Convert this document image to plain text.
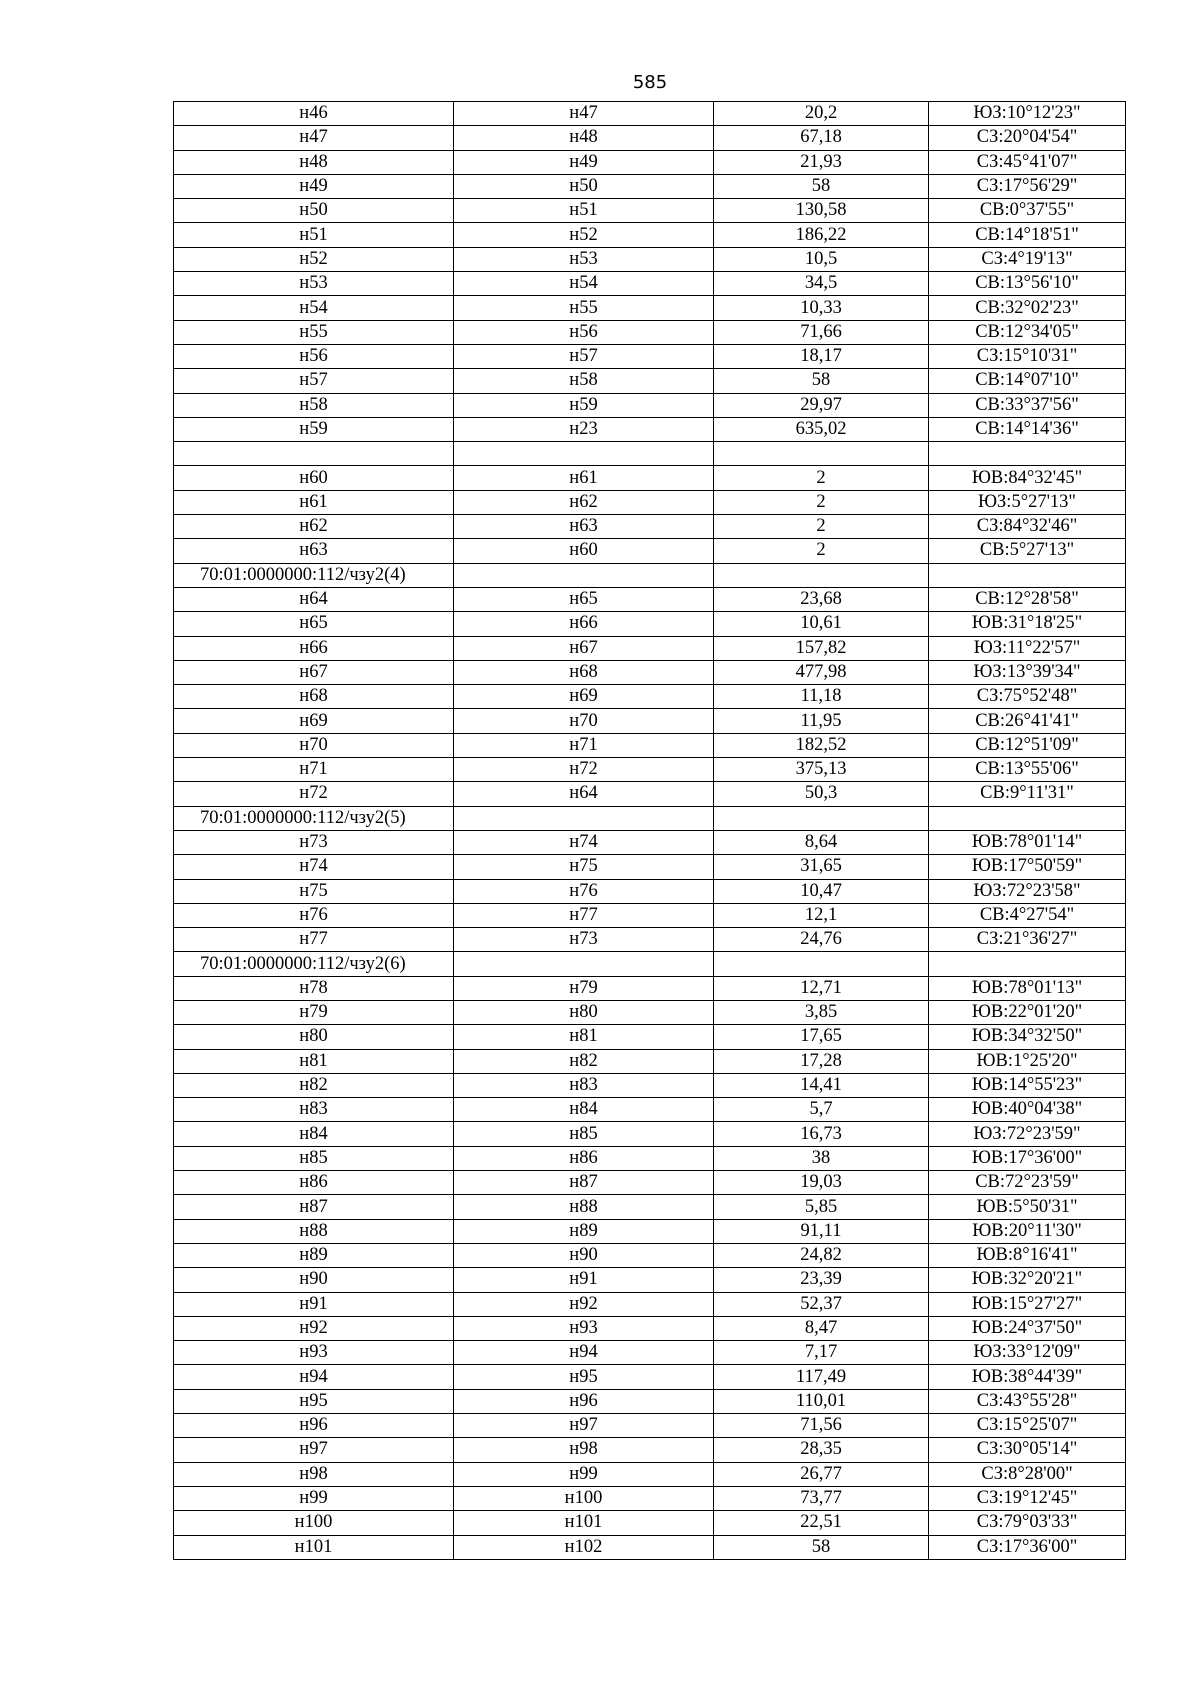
585
н46	н47	20,2	ЮЗ:10°12'23"
н47	н48	67,18	СЗ:20°04'54"
н48	н49	21,93	СЗ:45°41'07"
н49	н50	58	СЗ:17°56'29"
н50	н51	130,58	СВ:0°37'55"
н51	н52	186,22	СВ:14°18'51"
н52	н53	10,5	СЗ:4°19'13"
н53	н54	34,5	СВ:13°56'10"
н54	н55	10,33	СВ:32°02'23"
н55	н56	71,66	СВ:12°34'05"
н56	н57	18,17	СЗ:15°10'31"
н57	н58	58	СВ:14°07'10"
н58	н59	29,97	СВ:33°37'56"
н59	н23	635,02	СВ:14°14'36"

н60	н61	2	ЮВ:84°32'45"
н61	н62	2	ЮЗ:5°27'13"
н62	н63	2	СЗ:84°32'46"
н63	н60	2	СВ:5°27'13"
70:01:0000000:112/чзу2(4)			
н64	н65	23,68	СВ:12°28'58"
н65	н66	10,61	ЮВ:31°18'25"
н66	н67	157,82	ЮЗ:11°22'57"
н67	н68	477,98	ЮЗ:13°39'34"
н68	н69	11,18	СЗ:75°52'48"
н69	н70	11,95	СВ:26°41'41"
н70	н71	182,52	СВ:12°51'09"
н71	н72	375,13	СВ:13°55'06"
н72	н64	50,3	СВ:9°11'31"
70:01:0000000:112/чзу2(5)			
н73	н74	8,64	ЮВ:78°01'14"
н74	н75	31,65	ЮВ:17°50'59"
н75	н76	10,47	ЮЗ:72°23'58"
н76	н77	12,1	СВ:4°27'54"
н77	н73	24,76	СЗ:21°36'27"
70:01:0000000:112/чзу2(6)			
н78	н79	12,71	ЮВ:78°01'13"
н79	н80	3,85	ЮВ:22°01'20"
н80	н81	17,65	ЮВ:34°32'50"
н81	н82	17,28	ЮВ:1°25'20"
н82	н83	14,41	ЮВ:14°55'23"
н83	н84	5,7	ЮВ:40°04'38"
н84	н85	16,73	ЮЗ:72°23'59"
н85	н86	38	ЮВ:17°36'00"
н86	н87	19,03	СВ:72°23'59"
н87	н88	5,85	ЮВ:5°50'31"
н88	н89	91,11	ЮВ:20°11'30"
н89	н90	24,82	ЮВ:8°16'41"
н90	н91	23,39	ЮВ:32°20'21"
н91	н92	52,37	ЮВ:15°27'27"
н92	н93	8,47	ЮВ:24°37'50"
н93	н94	7,17	ЮЗ:33°12'09"
н94	н95	117,49	ЮВ:38°44'39"
н95	н96	110,01	СЗ:43°55'28"
н96	н97	71,56	СЗ:15°25'07"
н97	н98	28,35	СЗ:30°05'14"
н98	н99	26,77	СЗ:8°28'00"
н99	н100	73,77	СЗ:19°12'45"
н100	н101	22,51	СЗ:79°03'33"
н101	н102	58	СЗ:17°36'00"
